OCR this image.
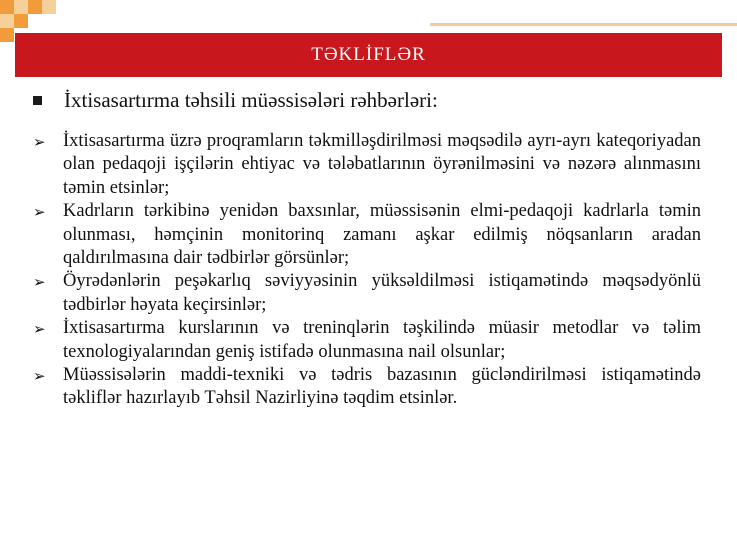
TƏKLİFLƏR
İxtisasartırma təhsili müəssisələri rəhbərləri:
➢ İxtisasartırma üzrə proqramların təkmilləşdirilməsi məqsədilə ayrı-ayrı kateqoriyadan olan pedaqoji işçilərin ehtiyac və tələbatlarının öyrənilməsini və nəzərə alınmasını təmin etsinlər;
➢ Kadrların tərkibinə yenidən baxsınlar, müəssisənin elmi-pedaqoji kadrlarla təmin olunması, həmçinin monitorinq zamanı aşkar edilmiş nöqsanların aradan qaldırılmasına dair tədbirlər görsünlər;
➢ Öyrədənlərin peşəkarlıq səviyyəsinin yüksəldilməsi istiqamətində məqsədyönlü tədbirlər həyata keçirsinlər;
➢ İxtisasartırma kurslarının və treninqlərin təşkilində müasir metodlar və təlim texnologiyalarından geniş istifadə olunmasına nail olsunlar;
➢ Müəssisələrin maddi-texniki və tədris bazasının gücləndirilməsi istiqamətində təkliflər hazırlayıb Təhsil Nazirliyinə təqdim etsinlər.
